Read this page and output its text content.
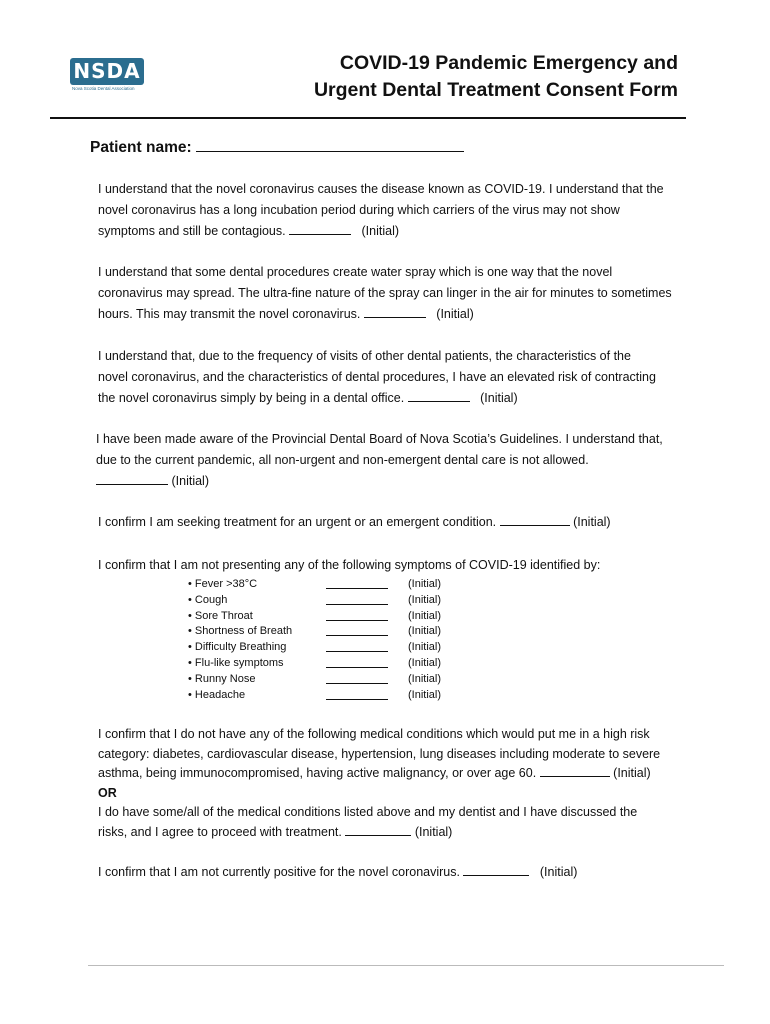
NSDA
Nova Scotia Dental Association
COVID-19 Pandemic Emergency and
Urgent Dental Treatment Consent Form
Patient name:
I understand that the novel coronavirus causes the disease known as COVID-19. I understand that the
novel coronavirus has a long incubation period during which carriers of the virus may not show
symptoms and still be contagious.	(Initial)
I understand that some dental procedures create water spray which is one way that the novel
coronavirus may spread. The ultra-fine nature of the spray can linger in the air for minutes to sometimes
hours. This may transmit the novel coronavirus.	(Initial)
I understand that, due to the frequency of visits of other dental patients, the characteristics of the
novel coronavirus, and the characteristics of dental procedures, I have an elevated risk of contracting
the novel coronavirus simply by being in a dental office.	(Initial)
I have been made aware of the Provincial Dental Board of Nova Scotia’s Guidelines. I understand that,
due to the current pandemic, all non-urgent and non-emergent dental care is not allowed.
(Initial)
I confirm I am seeking treatment for an urgent or an emergent condition.	(Initial)
I confirm that I am not presenting any of the following symptoms of COVID-19 identified by:
• Fever >38°C	(Initial)
• Cough	(Initial)
• Sore Throat	(Initial)
• Shortness of Breath	(Initial)
• Difficulty Breathing	(Initial)
• Flu-like symptoms	(Initial)
• Runny Nose	(Initial)
• Headache	(Initial)
I confirm that I do not have any of the following medical conditions which would put me in a high risk
category: diabetes, cardiovascular disease, hypertension, lung diseases including moderate to severe
asthma, being immunocompromised, having active malignancy, or over age 60.	(Initial)
OR
I do have some/all of the medical conditions listed above and my dentist and I have discussed the
risks, and I agree to proceed with treatment.	(Initial)
I confirm that I am not currently positive for the novel coronavirus.	(Initial)
